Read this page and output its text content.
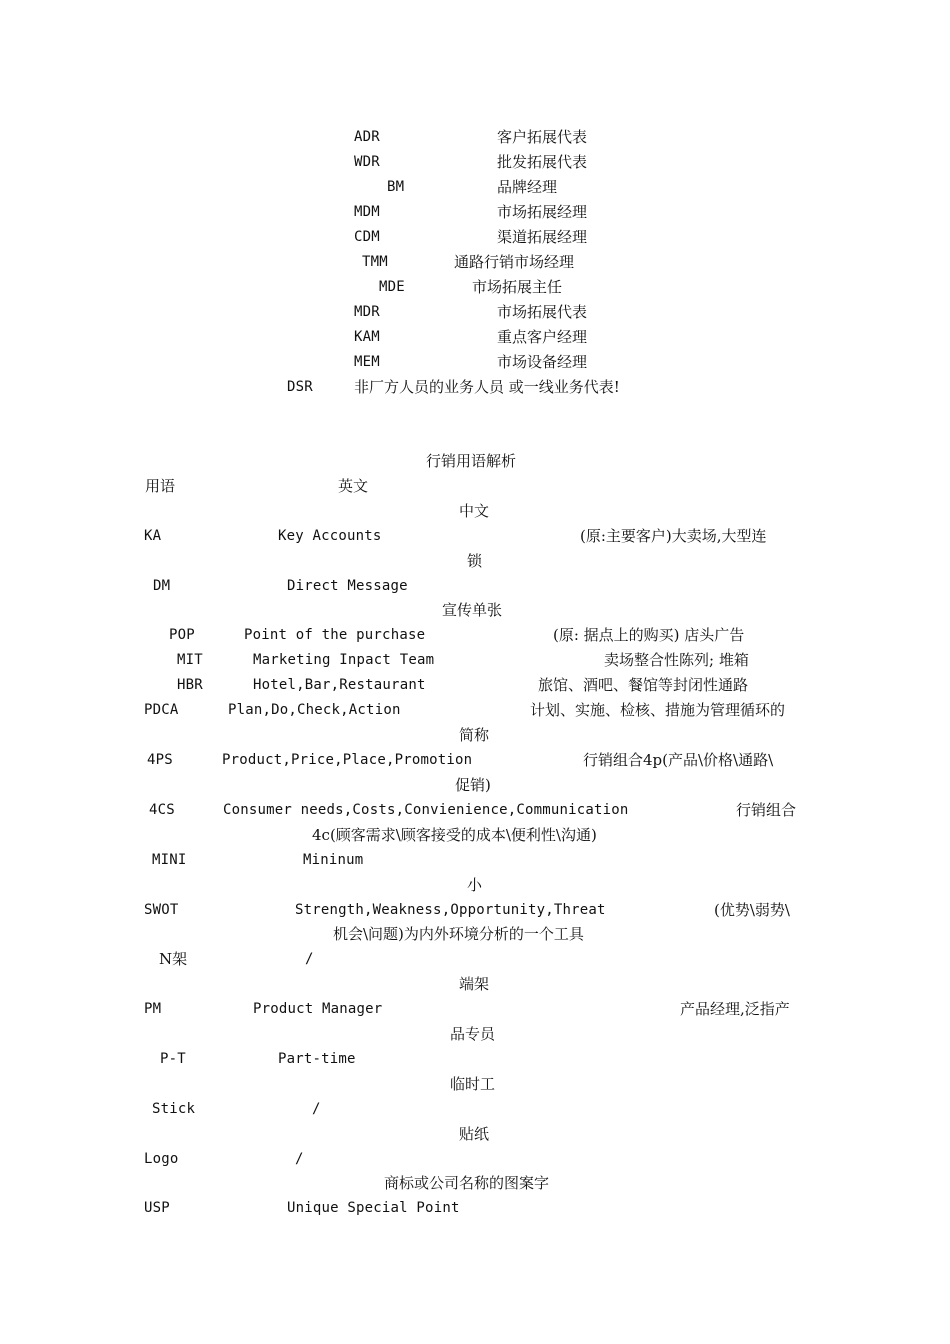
ADR	客户拓展代表
WDR	批发拓展代表
BM	品牌经理
MDM	市场拓展经理
CDM	渠道拓展经理
TMM	通路行销市场经理
MDE	市场拓展主任
MDR	市场拓展代表
KAM	重点客户经理
MEM	市场设备经理
DSR	非厂方人员的业务人员 或一线业务代表!
行销用语解析
用语	英文
中文
KA	Key Accounts	(原:主要客户)大卖场,大型连
锁
DM	Direct Message
宣传单张
POP	Point of the purchase	(原: 据点上的购买) 店头广告
MIT	Marketing Inpact Team	卖场整合性陈列; 堆箱
HBR	Hotel,Bar,Restaurant	旅馆、酒吧、餐馆等封闭性通路
PDCA	Plan,Do,Check,Action	计划、实施、检核、措施为管理循环的
简称
4PS	Product,Price,Place,Promotion	行销组合4p(产品\价格\通路\
促销)
4CS	Consumer needs,Costs,Convienience,Communication	行销组合
4c(顾客需求\顾客接受的成本\便利性\沟通)
MINI	Mininum
小
SWOT	Strength,Weakness,Opportunity,Threat	(优势\弱势\
机会\问题)为内外环境分析的一个工具
N架	/
端架
PM	Product Manager	产品经理,泛指产
品专员
P-T	Part-time
临时工
Stick	/
贴纸
Logo	/
商标或公司名称的图案字
USP	Unique Special Point
